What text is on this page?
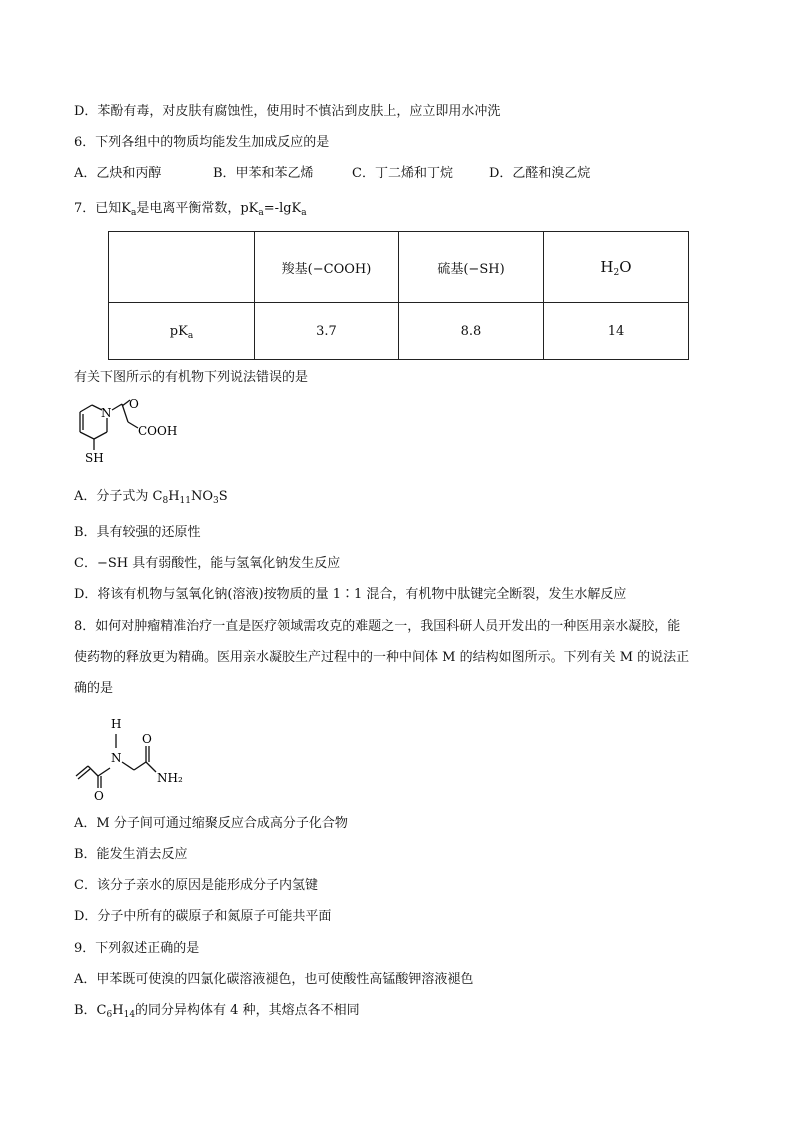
D．苯酚有毒，对皮肤有腐蚀性，使用时不慎沾到皮肤上，应立即用水冲洗
6．下列各组中的物质均能发生加成反应的是
A．乙炔和丙醇	B．甲苯和苯乙烯	C．丁二烯和丁烷	D．乙醛和溴乙烷
7．已知$K_a$是电离平衡常数，$pK_a=-\lg K_a$
	羧基(−COOH)	硫基(−SH)	$H_2O$
$pK_a$	3.7	8.8	14
有关下图所示的有机物下列说法错误的是
N
O
COOH
SH
A．分子式为 $C_8H_{11}NO_3S$
B．具有较强的还原性
C．−SH 具有弱酸性，能与氢氧化钠发生反应
D．将该有机物与氢氧化钠(溶液)按物质的量 1∶1 混合，有机物中肽键完全断裂，发生水解反应
8．如何对肿瘤精准治疗一直是医疗领域需攻克的难题之一，我国科研人员开发出的一种医用亲水凝胶，能
使药物的释放更为精确。医用亲水凝胶生产过程中的一种中间体 M 的结构如图所示。下列有关 M 的说法正
确的是
H
N
O
O
NH₂
A．M 分子间可通过缩聚反应合成高分子化合物
B．能发生消去反应
C．该分子亲水的原因是能形成分子内氢键
D．分子中所有的碳原子和氮原子可能共平面
9．下列叙述正确的是
A．甲苯既可使溴的四氯化碳溶液褪色，也可使酸性高锰酸钾溶液褪色
B．$C_6H_{14}$的同分异构体有 4 种，其熔点各不相同
